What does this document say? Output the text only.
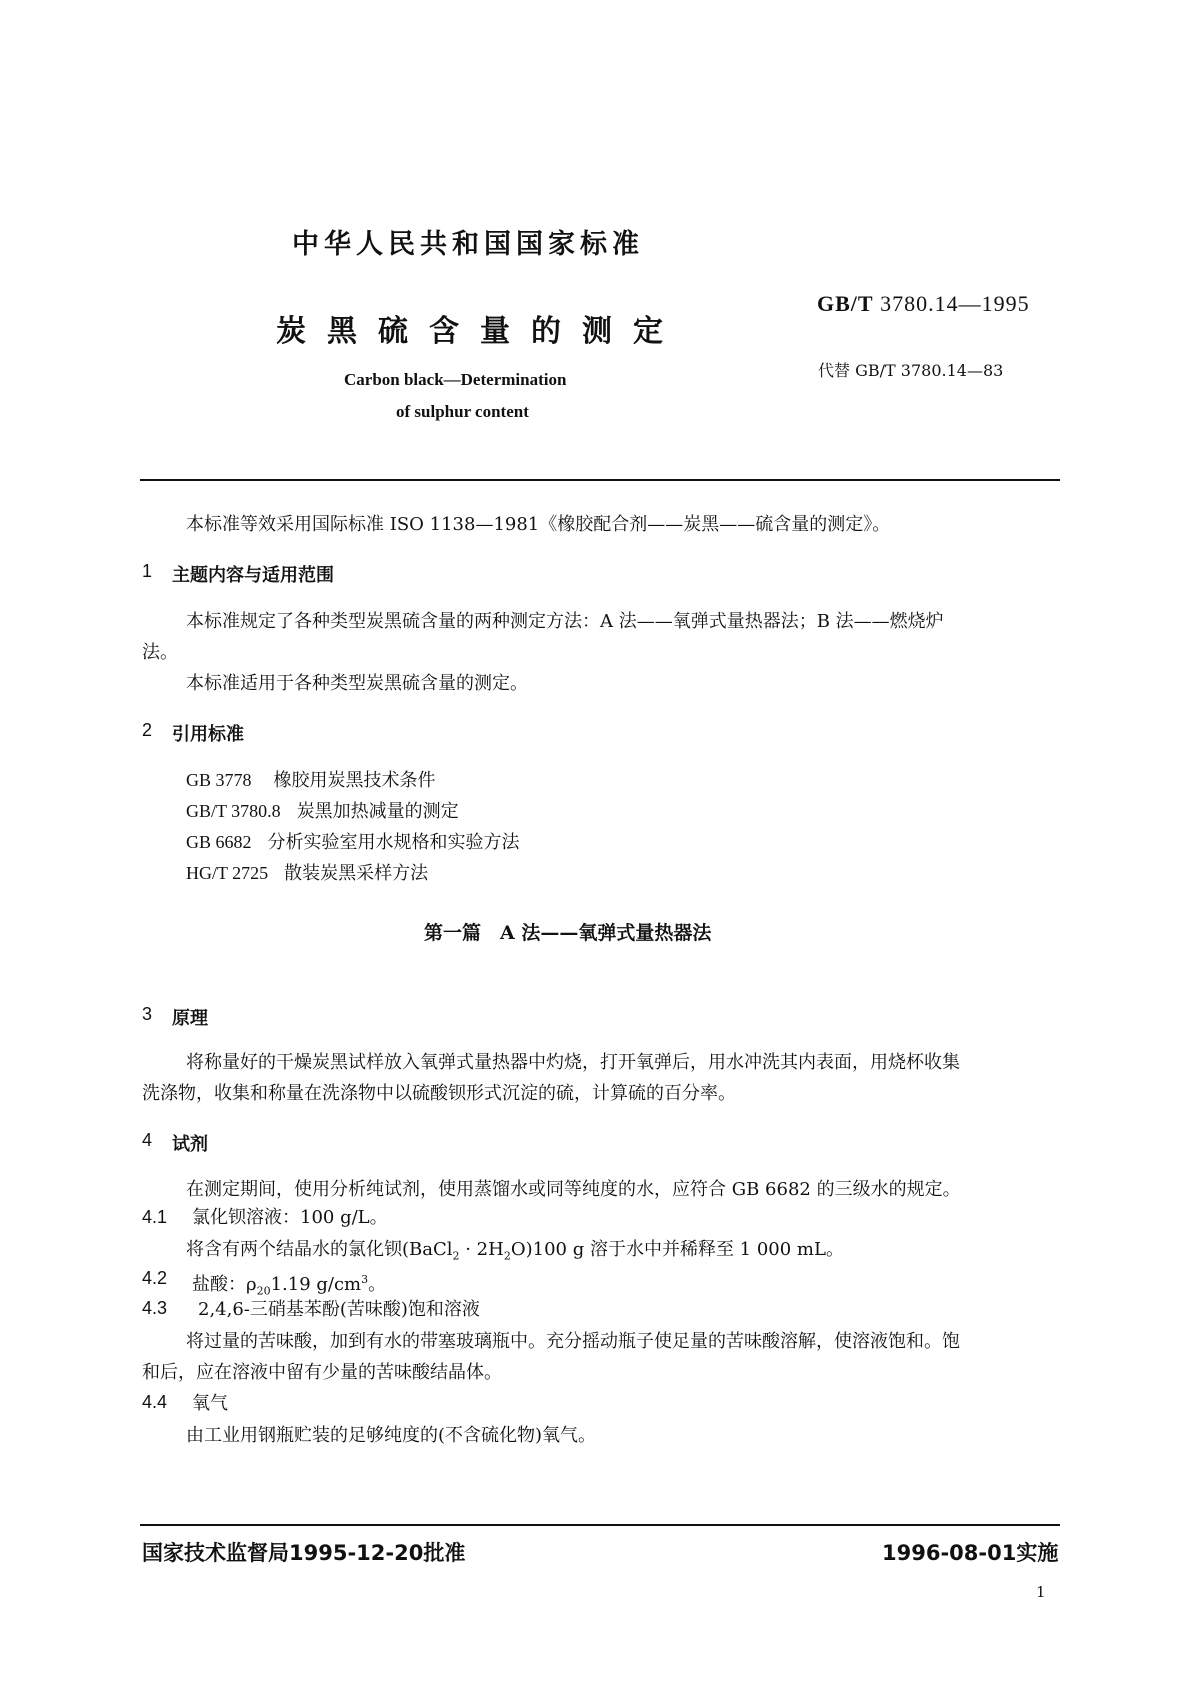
中华人民共和国国家标准
炭黑硫含量的测定
Carbon black—Determination
of sulphur content
GB/T 3780.14—1995
代替 GB/T 3780.14—83
本标准等效采用国际标准 ISO 1138—1981《橡胶配合剂——炭黑——硫含量的测定》。
1 主题内容与适用范围
本标准规定了各种类型炭黑硫含量的两种测定方法：A 法——氧弹式量热器法；B 法——燃烧炉
法。
本标准适用于各种类型炭黑硫含量的测定。
2 引用标准
GB 3778 橡胶用炭黑技术条件
GB/T 3780.8 炭黑加热减量的测定
GB 6682 分析实验室用水规格和实验方法
HG/T 2725 散装炭黑采样方法
第一篇　A 法——氧弹式量热器法
3 原理
将称量好的干燥炭黑试样放入氧弹式量热器中灼烧，打开氧弹后，用水冲洗其内表面，用烧杯收集
洗涤物，收集和称量在洗涤物中以硫酸钡形式沉淀的硫，计算硫的百分率。
4 试剂
在测定期间，使用分析纯试剂，使用蒸馏水或同等纯度的水，应符合 GB 6682 的三级水的规定。
4.1 氯化钡溶液：100 g/L。
将含有两个结晶水的氯化钡(BaCl$_2$ · $2H_2O)100$ g 溶于水中并稀释至 1 000 mL。
4.2 盐酸：$\rho_{20}1.19$ $g/cm^3$。
4.3 2,4,6-三硝基苯酚(苦味酸)饱和溶液
将过量的苦味酸，加到有水的带塞玻璃瓶中。充分摇动瓶子使足量的苦味酸溶解，使溶液饱和。饱
和后，应在溶液中留有少量的苦味酸结晶体。
4.4 氧气
由工业用钢瓶贮装的足够纯度的(不含硫化物)氧气。
国家技术监督局1995-12-20批准	1996-08-01实施
1
